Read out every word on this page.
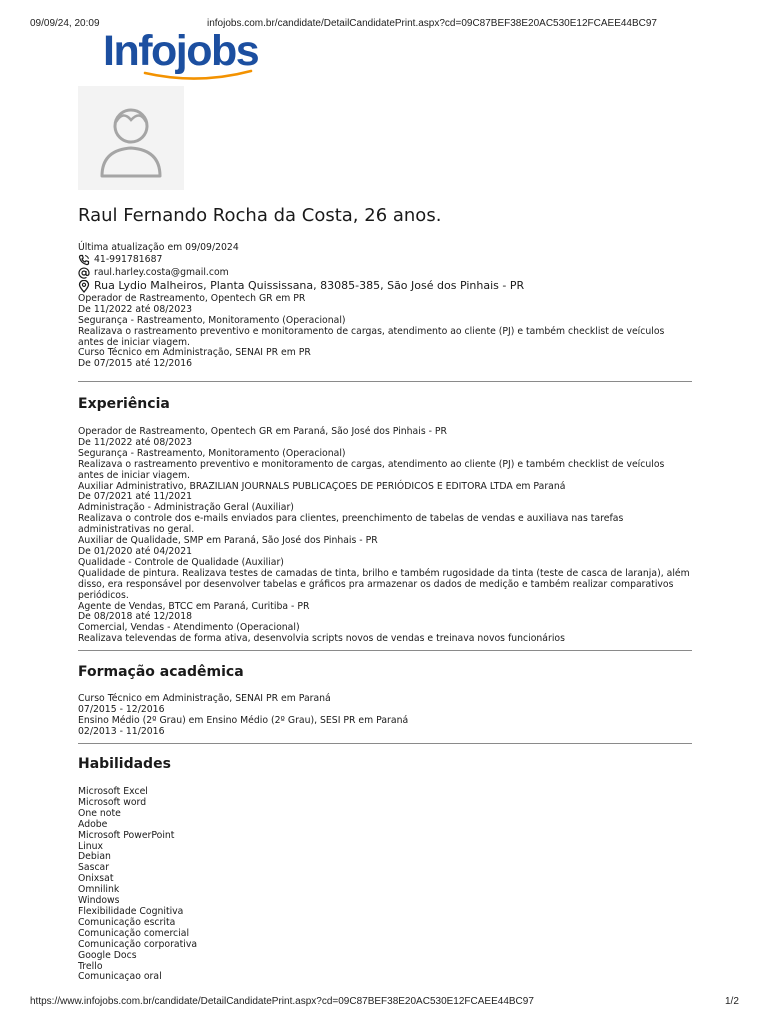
09/09/24, 20:09	infojobs.com.br/candidate/DetailCandidatePrint.aspx?cd=09C87BEF38E20AC530E12FCAEE44BC97
Infojobs
Raul Fernando Rocha da Costa, 26 anos.
Última atualização em 09/09/2024
41-991781687
raul.harley.costa@gmail.com
Rua Lydio Malheiros, Planta Quississana, 83085-385, São José dos Pinhais - PR
Operador de Rastreamento, Opentech GR em PR
De 11/2022 até 08/2023
Segurança - Rastreamento, Monitoramento (Operacional)
Realizava o rastreamento preventivo e monitoramento de cargas, atendimento ao cliente (PJ) e também checklist de veículos antes de iniciar viagem.
Curso Técnico em Administração, SENAI PR em PR
De 07/2015 até 12/2016
Experiência
Operador de Rastreamento, Opentech GR em Paraná, São José dos Pinhais - PR
De 11/2022 até 08/2023
Segurança - Rastreamento, Monitoramento (Operacional)
Realizava o rastreamento preventivo e monitoramento de cargas, atendimento ao cliente (PJ) e também checklist de veículos antes de iniciar viagem.
Auxiliar Administrativo, BRAZILIAN JOURNALS PUBLICAÇOES DE PERIÓDICOS E EDITORA LTDA em Paraná
De 07/2021 até 11/2021
Administração - Administração Geral (Auxiliar)
Realizava o controle dos e-mails enviados para clientes, preenchimento de tabelas de vendas e auxiliava nas tarefas administrativas no geral.
Auxiliar de Qualidade, SMP em Paraná, São José dos Pinhais - PR
De 01/2020 até 04/2021
Qualidade - Controle de Qualidade (Auxiliar)
Qualidade de pintura. Realizava testes de camadas de tinta, brilho e também rugosidade da tinta (teste de casca de laranja), além disso, era responsável por desenvolver tabelas e gráficos pra armazenar os dados de medição e também realizar comparativos periódicos.
Agente de Vendas, BTCC em Paraná, Curitiba - PR
De 08/2018 até 12/2018
Comercial, Vendas - Atendimento (Operacional)
Realizava televendas de forma ativa, desenvolvia scripts novos de vendas e treinava novos funcionários
Formação acadêmica
Curso Técnico em Administração, SENAI PR em Paraná
07/2015 - 12/2016
Ensino Médio (2º Grau) em Ensino Médio (2º Grau), SESI PR em Paraná
02/2013 - 11/2016
Habilidades
Microsoft Excel
Microsoft word
One note
Adobe
Microsoft PowerPoint
Linux
Debian
Sascar
Onixsat
Omnilink
Windows
Flexibilidade Cognitiva
Comunicação escrita
Comunicação comercial
Comunicação corporativa
Google Docs
Trello
Comunicaçao oral
https://www.infojobs.com.br/candidate/DetailCandidatePrint.aspx?cd=09C87BEF38E20AC530E12FCAEE44BC97	1/2
